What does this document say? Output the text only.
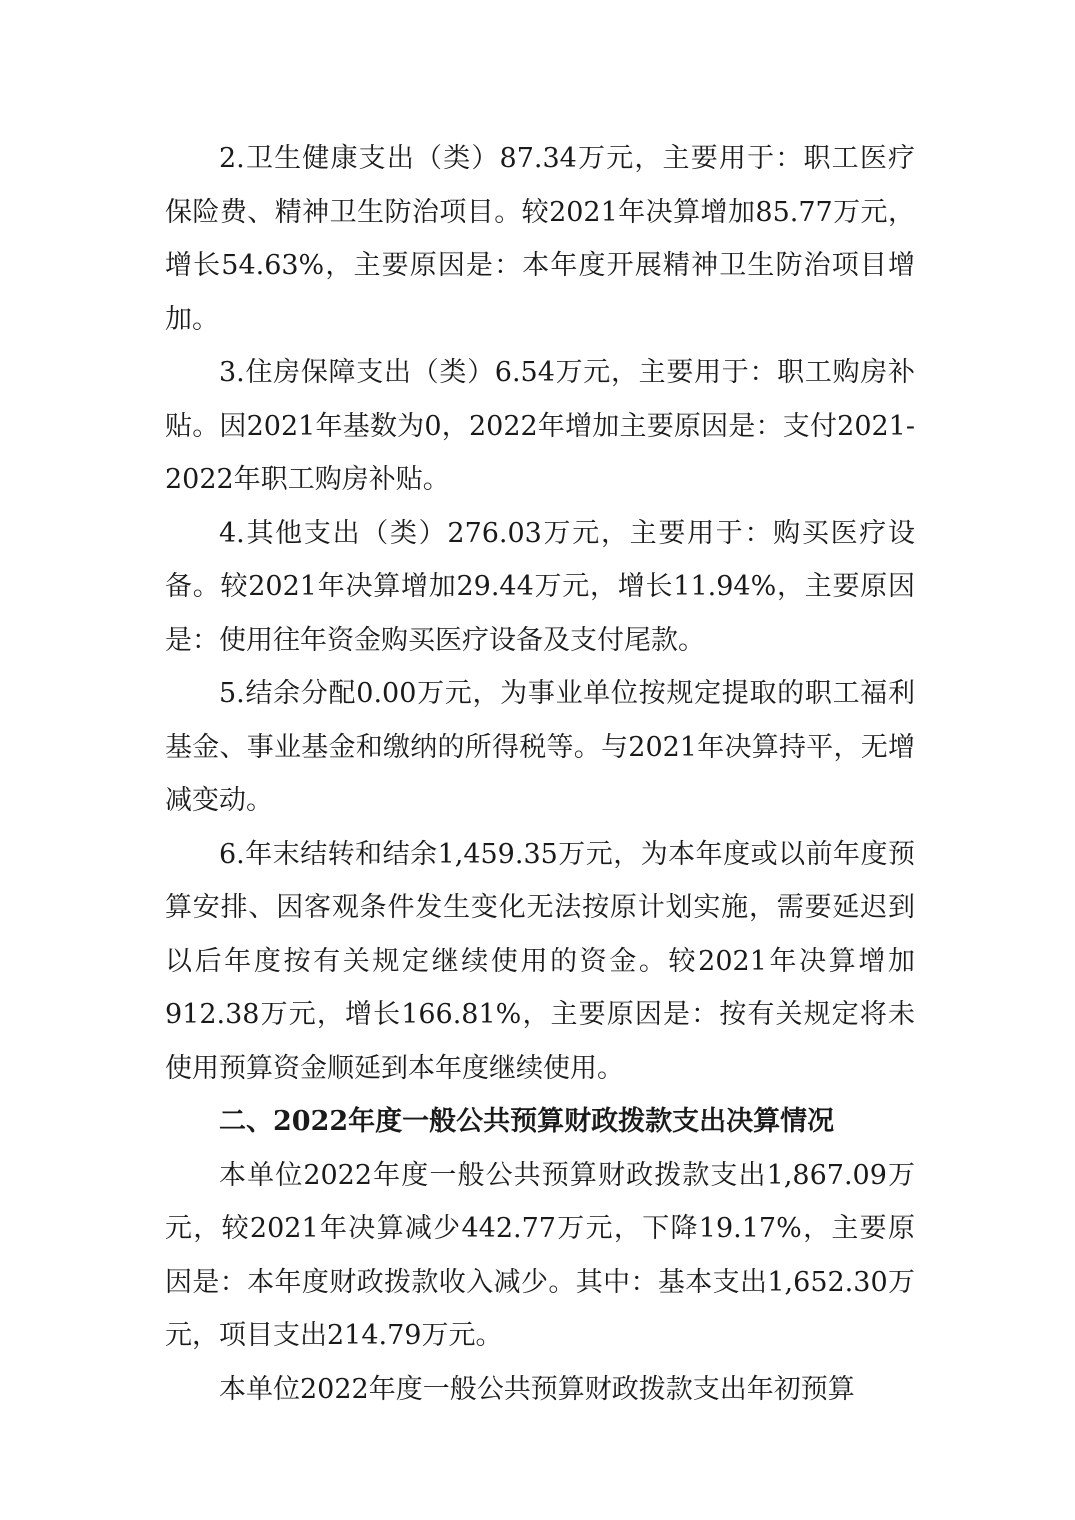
2.卫生健康支出（类）87.34万元，主要用于：职工医疗保险费、精神卫生防治项目。较2021年决算增加85.77万元，增长54.63%，主要原因是：本年度开展精神卫生防治项目增加。

3.住房保障支出（类）6.54万元，主要用于：职工购房补贴。因2021年基数为0，2022年增加主要原因是：支付2021-2022年职工购房补贴。

4.其他支出（类）276.03万元，主要用于：购买医疗设备。较2021年决算增加29.44万元，增长11.94%，主要原因是：使用往年资金购买医疗设备及支付尾款。

5.结余分配0.00万元，为事业单位按规定提取的职工福利基金、事业基金和缴纳的所得税等。与2021年决算持平，无增减变动。

6.年末结转和结余1,459.35万元，为本年度或以前年度预算安排、因客观条件发生变化无法按原计划实施，需要延迟到以后年度按有关规定继续使用的资金。较2021年决算增加912.38万元，增长166.81%，主要原因是：按有关规定将未使用预算资金顺延到本年度继续使用。

二、2022年度一般公共预算财政拨款支出决算情况

本单位2022年度一般公共预算财政拨款支出1,867.09万元，较2021年决算减少442.77万元，下降19.17%，主要原因是：本年度财政拨款收入减少。其中：基本支出1,652.30万元，项目支出214.79万元。

本单位2022年度一般公共预算财政拨款支出年初预算
